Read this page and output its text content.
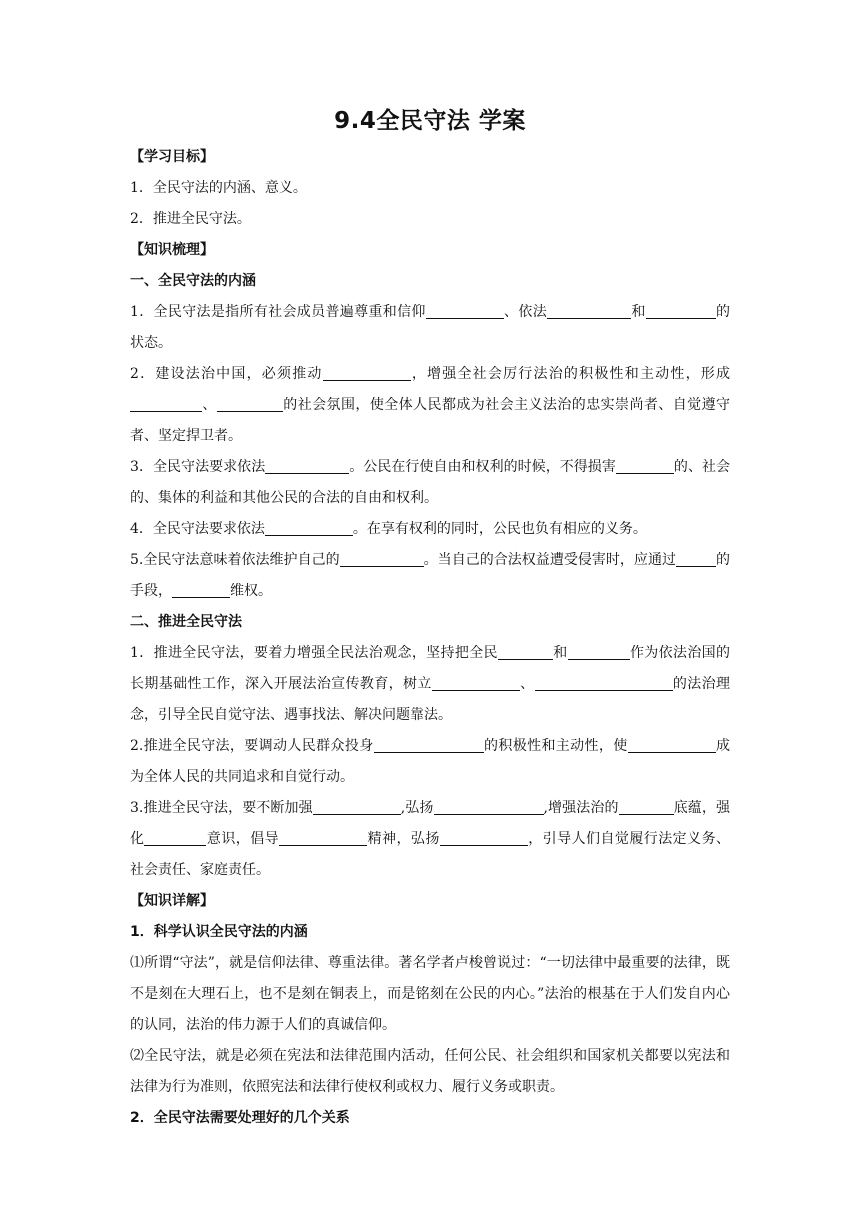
9.4全民守法 学案

【学习目标】

1．全民守法的内涵、意义。

2．推进全民守法。

【知识梳理】

一、全民守法的内涵

1．全民守法是指所有社会成员普遍尊重和信仰	、依法	和	的状态。

2．建设法治中国，必须推动	，增强全社会厉行法治的积极性和主动性，形成、	的社会氛围，使全体人民都成为社会主义法治的忠实崇尚者、自觉遵守者、坚定捍卫者。

3．全民守法要求依法	。公民在行使自由和权利的时候，不得损害	的、社会的、集体的利益和其他公民的合法的自由和权利。

4．全民守法要求依法	。在享有权利的同时，公民也负有相应的义务。

5.全民守法意味着依法维护自己的	。当自己的合法权益遭受侵害时，应通过	的手段，	维权。

二、推进全民守法

1．推进全民守法，要着力增强全民法治观念，坚持把全民	和	作为依法治国的长期基础性工作，深入开展法治宣传教育，树立	、	的法治理念，引导全民自觉守法、遇事找法、解决问题靠法。

2.推进全民守法，要调动人民群众投身	的积极性和主动性，使	成为全体人民的共同追求和自觉行动。

3.推进全民守法，要不断加强	,弘扬	,增强法治的	底蕴，强化	意识，倡导	精神，弘扬	，引导人们自觉履行法定义务、社会责任、家庭责任。

【知识详解】

1．科学认识全民守法的内涵

⑴所谓“守法”，就是信仰法律、尊重法律。著名学者卢梭曾说过：“一切法律中最重要的法律，既不是刻在大理石上，也不是刻在铜表上，而是铭刻在公民的内心。”法治的根基在于人们发自内心的认同，法治的伟力源于人们的真诚信仰。

⑵全民守法，就是必须在宪法和法律范围内活动，任何公民、社会组织和国家机关都要以宪法和法律为行为准则，依照宪法和法律行使权利或权力、履行义务或职责。

2．全民守法需要处理好的几个关系
